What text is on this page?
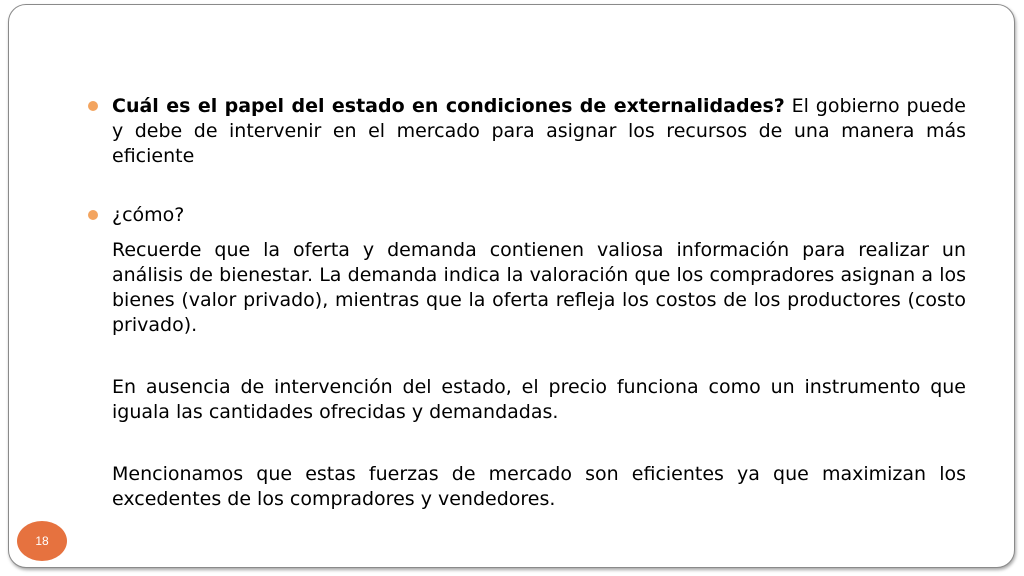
Cuál es el papel del estado en condiciones de externalidades? El gobierno puede y debe de intervenir en el mercado para asignar los recursos de una manera más eficiente
¿cómo?
Recuerde que la oferta y demanda contienen valiosa información para realizar un análisis de bienestar. La demanda indica la valoración que los compradores asignan a los bienes (valor privado), mientras que la oferta refleja los costos de los productores (costo privado).
En ausencia de intervención del estado, el precio funciona como un instrumento que iguala las cantidades ofrecidas y demandadas.
Mencionamos que estas fuerzas de mercado son eficientes ya que maximizan los excedentes de los compradores y vendedores.
18
